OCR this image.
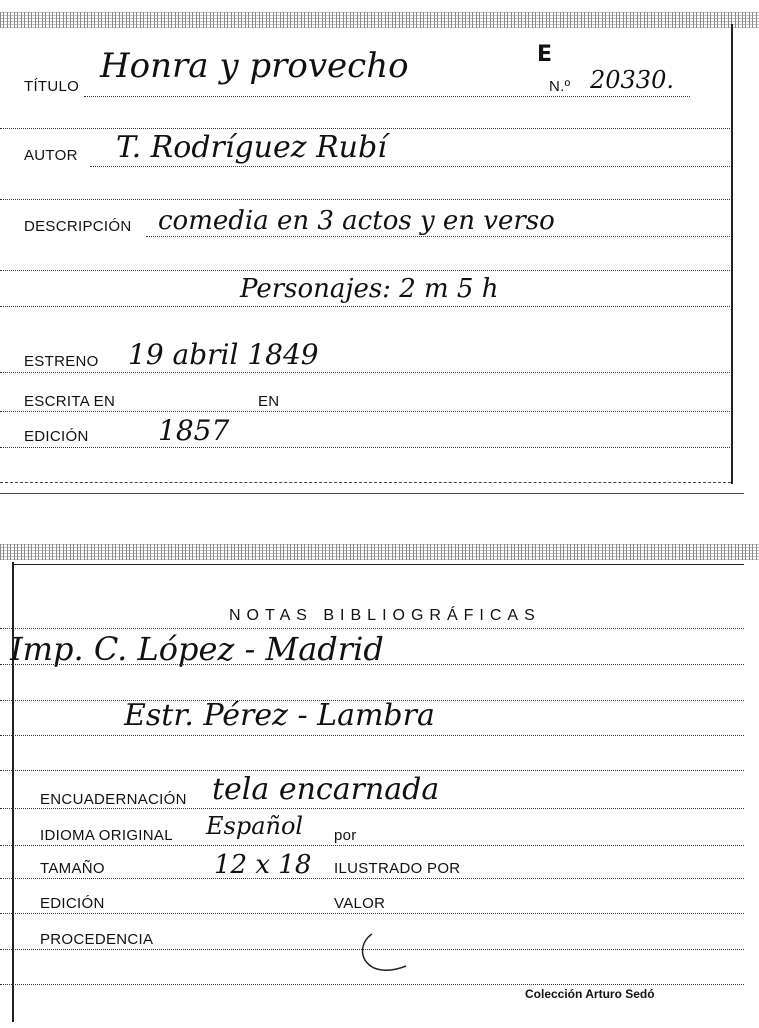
E
TÍTULO
Honra y provecho
N.º 20330.
AUTOR T. Rodríguez Rubí
DESCRIPCIÓN comedia en 3 actos y en verso
Personajes: 2 m 5 h
ESTRENO 19 abril 1849
ESCRITA EN	EN
EDICIÓN 1857
NOTAS BIBLIOGRÁFICAS
Imp. C. López - Madrid
Estr. Pérez - Lambra
ENCUADERNACIÓN tela encarnada
IDIOMA ORIGINAL Español por
TAMAÑO	12 x 18 ILUSTRADO POR
EDICIÓN	VALOR
PROCEDENCIA
Colección Arturo Sedó
